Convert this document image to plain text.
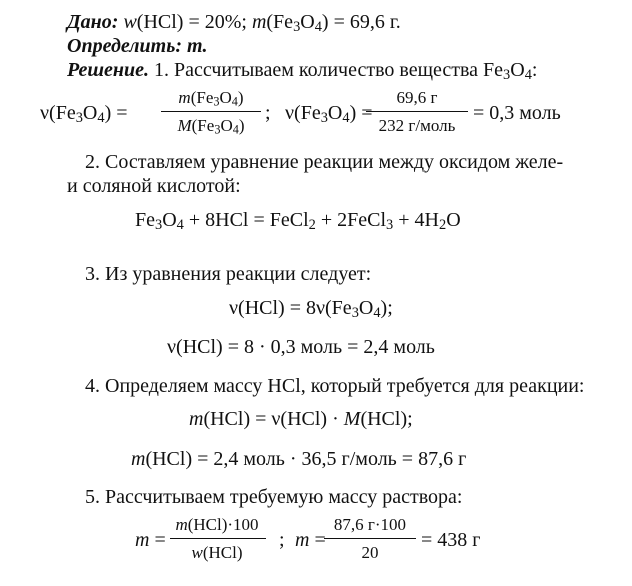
Дано: w(HCl) = 20%; $m(Fe_3O_4) = 69,6$ г.
Определить: m.
Решение. 1. Рассчитываем количество вещества $Fe_3O_4$:
$\nu(Fe_3O_4)$ =
$m(Fe_3O_4)$
$M(Fe_3O_4)$
; $\nu(Fe_3O_4)$ =
69,6 г
232 г/моль
= 0,3 моль
2. Составляем уравнение реакции между оксидом желе-
и соляной кислотой:
$Fe_3O_4 + 8HCl$ = FeCl$_2$ + 2FeCl$_3$ + $4H_2O$
3. Из уравнения реакции следует:
$\nu(HCl) = 8\nu(Fe_3O_4)$;
ν(HCl) = 8 · 0,3 моль = 2,4 моль
4. Определяем массу HCl, который требуется для реакции:
m(HCl) = ν(HCl) · M(HCl);
m(HCl) = 2,4 моль · 36,5 г/моль = 87,6 г
5. Рассчитываем требуемую массу раствора:
m =
m(HCl)·100
w(HCl)
; m =
87,6 г·100
20
= 438 г
